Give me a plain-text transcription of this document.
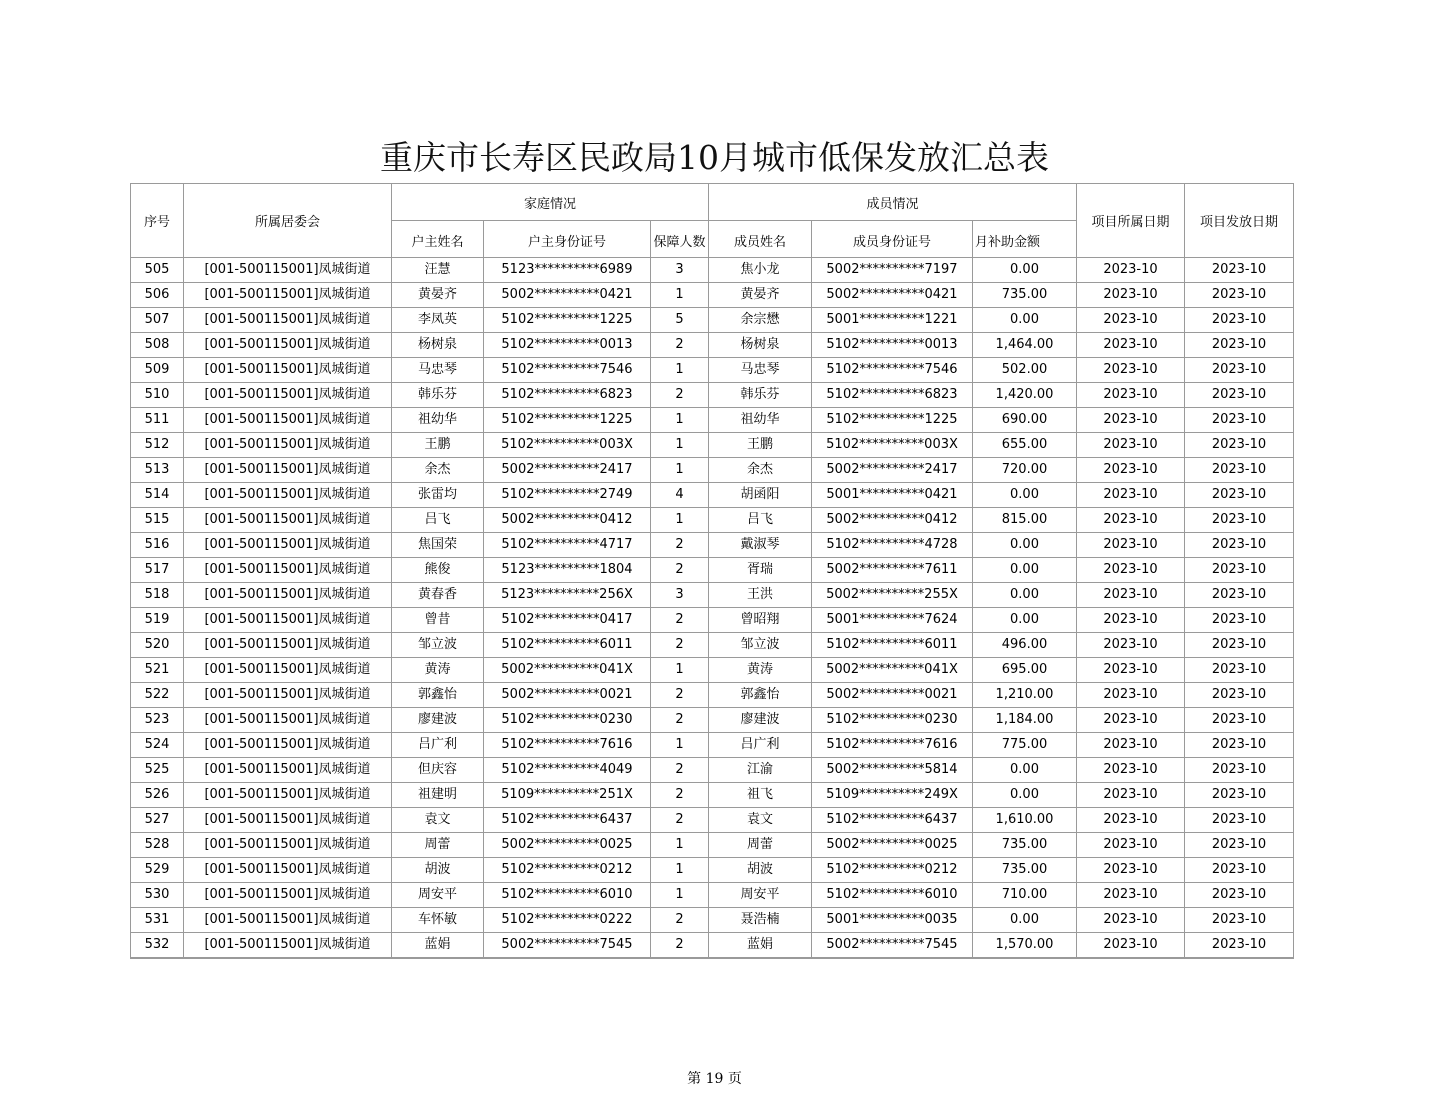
重庆市长寿区民政局10月城市低保发放汇总表
序号	所属居委会	家庭情况			成员情况			项目所属日期	项目发放日期
		户主姓名	户主身份证号	保障人数	成员姓名	成员身份证号	月补助金额		
505	[001-500115001]凤城街道	汪慧	5123**********6989	3	焦小龙	5002**********7197	0.00	2023-10	2023-10
506	[001-500115001]凤城街道	黄晏齐	5002**********0421	1	黄晏齐	5002**********0421	735.00	2023-10	2023-10
507	[001-500115001]凤城街道	李凤英	5102**********1225	5	余宗懋	5001**********1221	0.00	2023-10	2023-10
508	[001-500115001]凤城街道	杨树泉	5102**********0013	2	杨树泉	5102**********0013	1,464.00	2023-10	2023-10
509	[001-500115001]凤城街道	马忠琴	5102**********7546	1	马忠琴	5102**********7546	502.00	2023-10	2023-10
510	[001-500115001]凤城街道	韩乐芬	5102**********6823	2	韩乐芬	5102**********6823	1,420.00	2023-10	2023-10
511	[001-500115001]凤城街道	祖幼华	5102**********1225	1	祖幼华	5102**********1225	690.00	2023-10	2023-10
512	[001-500115001]凤城街道	王鹏	5102**********003X	1	王鹏	5102**********003X	655.00	2023-10	2023-10
513	[001-500115001]凤城街道	余杰	5002**********2417	1	余杰	5002**********2417	720.00	2023-10	2023-10
514	[001-500115001]凤城街道	张雷均	5102**********2749	4	胡函阳	5001**********0421	0.00	2023-10	2023-10
515	[001-500115001]凤城街道	吕飞	5002**********0412	1	吕飞	5002**********0412	815.00	2023-10	2023-10
516	[001-500115001]凤城街道	焦国荣	5102**********4717	2	戴淑琴	5102**********4728	0.00	2023-10	2023-10
517	[001-500115001]凤城街道	熊俊	5123**********1804	2	胥瑞	5002**********7611	0.00	2023-10	2023-10
518	[001-500115001]凤城街道	黄春香	5123**********256X	3	王洪	5002**********255X	0.00	2023-10	2023-10
519	[001-500115001]凤城街道	曾昔	5102**********0417	2	曾昭翔	5001**********7624	0.00	2023-10	2023-10
520	[001-500115001]凤城街道	邹立波	5102**********6011	2	邹立波	5102**********6011	496.00	2023-10	2023-10
521	[001-500115001]凤城街道	黄涛	5002**********041X	1	黄涛	5002**********041X	695.00	2023-10	2023-10
522	[001-500115001]凤城街道	郭鑫怡	5002**********0021	2	郭鑫怡	5002**********0021	1,210.00	2023-10	2023-10
523	[001-500115001]凤城街道	廖建波	5102**********0230	2	廖建波	5102**********0230	1,184.00	2023-10	2023-10
524	[001-500115001]凤城街道	吕广利	5102**********7616	1	吕广利	5102**********7616	775.00	2023-10	2023-10
525	[001-500115001]凤城街道	但庆容	5102**********4049	2	江渝	5002**********5814	0.00	2023-10	2023-10
526	[001-500115001]凤城街道	祖建明	5109**********251X	2	祖飞	5109**********249X	0.00	2023-10	2023-10
527	[001-500115001]凤城街道	袁文	5102**********6437	2	袁文	5102**********6437	1,610.00	2023-10	2023-10
528	[001-500115001]凤城街道	周蕾	5002**********0025	1	周蕾	5002**********0025	735.00	2023-10	2023-10
529	[001-500115001]凤城街道	胡波	5102**********0212	1	胡波	5102**********0212	735.00	2023-10	2023-10
530	[001-500115001]凤城街道	周安平	5102**********6010	1	周安平	5102**********6010	710.00	2023-10	2023-10
531	[001-500115001]凤城街道	车怀敏	5102**********0222	2	聂浩楠	5001**********0035	0.00	2023-10	2023-10
532	[001-500115001]凤城街道	蓝娟	5002**********7545	2	蓝娟	5002**********7545	1,570.00	2023-10	2023-10
第 19 页
